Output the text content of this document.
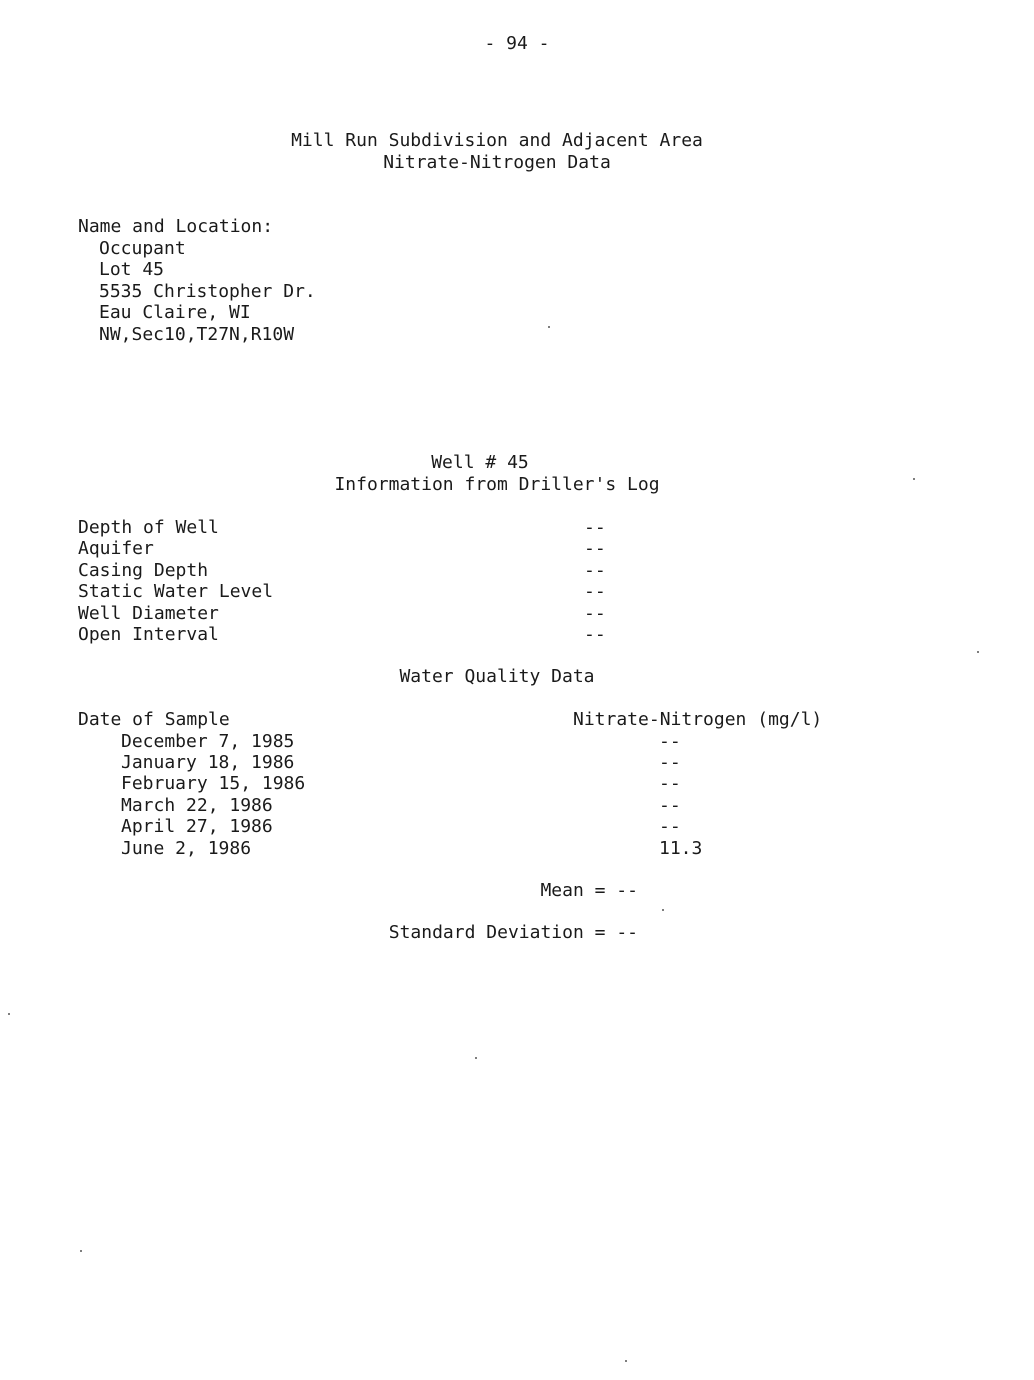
- 94 -
Mill Run Subdivision and Adjacent Area
Nitrate-Nitrogen Data
Name and Location:
Occupant
Lot 45
5535 Christopher Dr.
Eau Claire, WI
NW,Sec10,T27N,R10W
Well # 45
Information from Driller's Log
Depth of Well	--
Aquifer	--
Casing Depth	--
Static Water Level	--
Well Diameter	--
Open Interval	--
Water Quality Data
Date of Sample	Nitrate-Nitrogen (mg/l)
December 7, 1985	--
January 18, 1986	--
February 15, 1986	--
March 22, 1986	--
April 27, 1986	--
June 2, 1986	11.3
Mean = --
Standard Deviation = --
